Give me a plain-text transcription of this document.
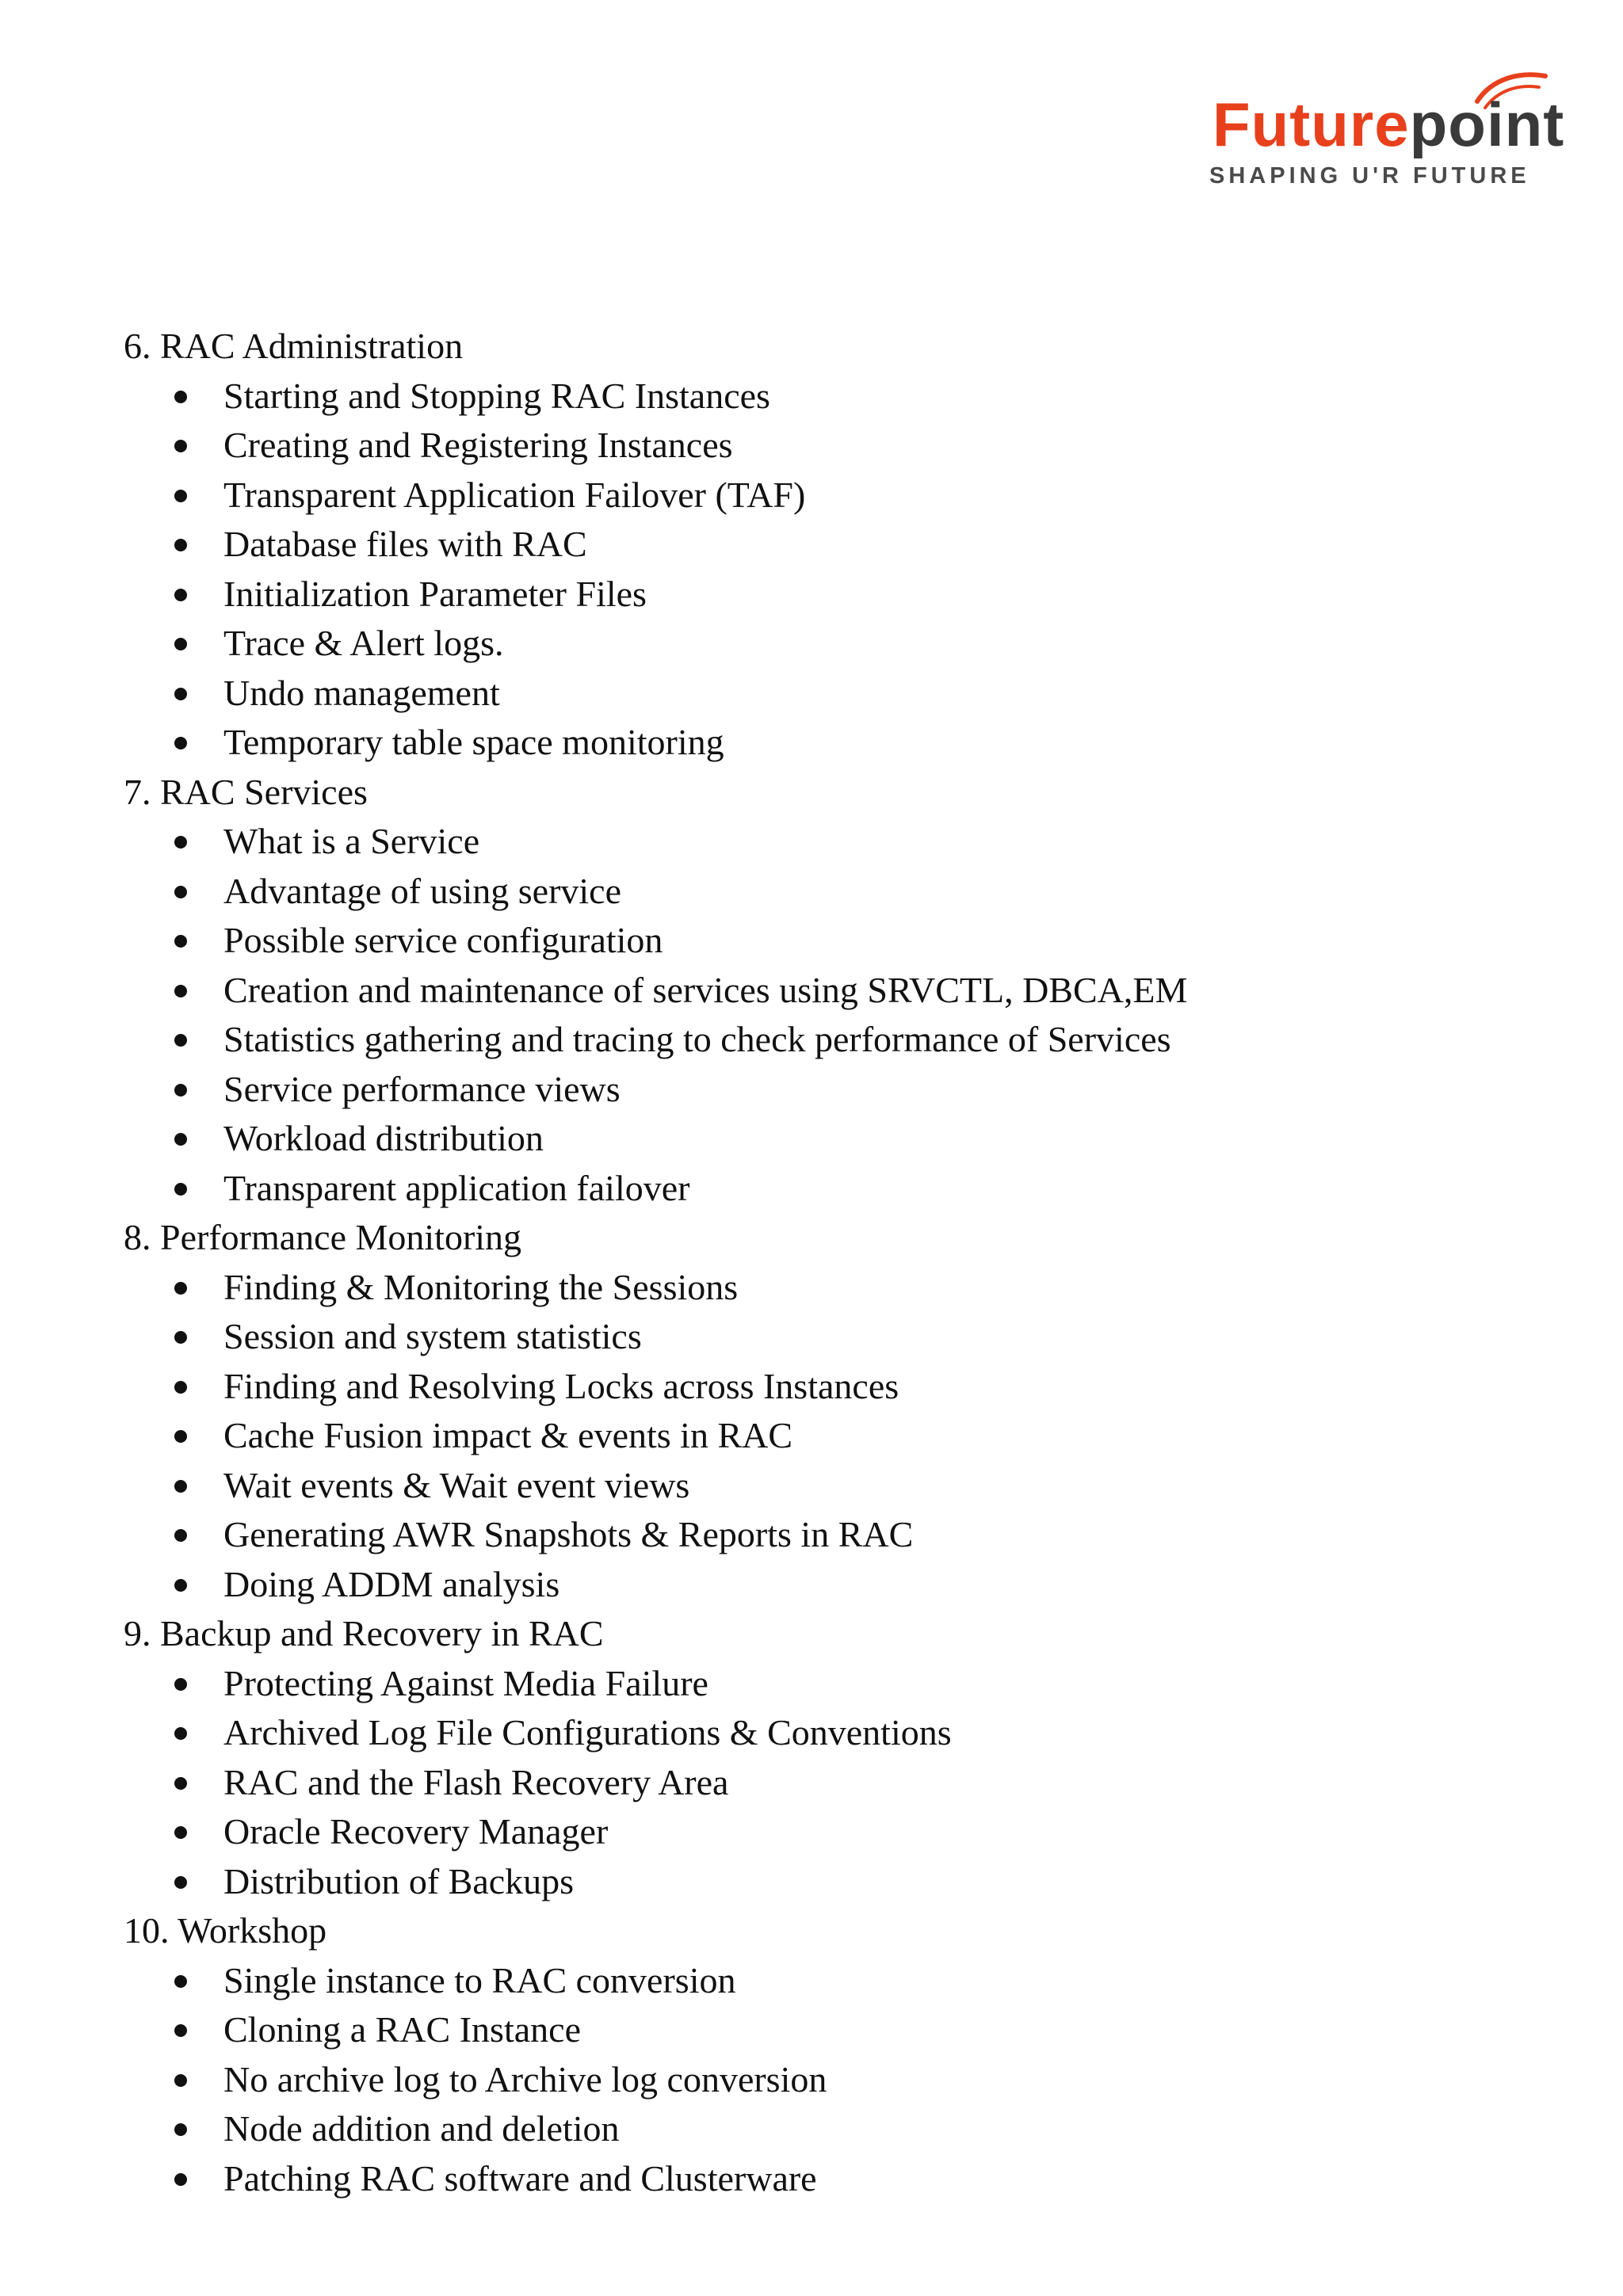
Futurepoint
SHAPING U'R FUTURE
6. RAC Administration
Starting and Stopping RAC Instances
Creating and Registering Instances
Transparent Application Failover (TAF)
Database files with RAC
Initialization Parameter Files
Trace & Alert logs.
Undo management
Temporary table space monitoring
7. RAC Services
What is a Service
Advantage of using service
Possible service configuration
Creation and maintenance of services using SRVCTL, DBCA,EM
Statistics gathering and tracing to check performance of Services
Service performance views
Workload distribution
Transparent application failover
8. Performance Monitoring
Finding & Monitoring the Sessions
Session and system statistics
Finding and Resolving Locks across Instances
Cache Fusion impact & events in RAC
Wait events & Wait event views
Generating AWR Snapshots & Reports in RAC
Doing ADDM analysis
9. Backup and Recovery in RAC
Protecting Against Media Failure
Archived Log File Configurations & Conventions
RAC and the Flash Recovery Area
Oracle Recovery Manager
Distribution of Backups
10. Workshop
Single instance to RAC conversion
Cloning a RAC Instance
No archive log to Archive log conversion
Node addition and deletion
Patching RAC software and Clusterware
